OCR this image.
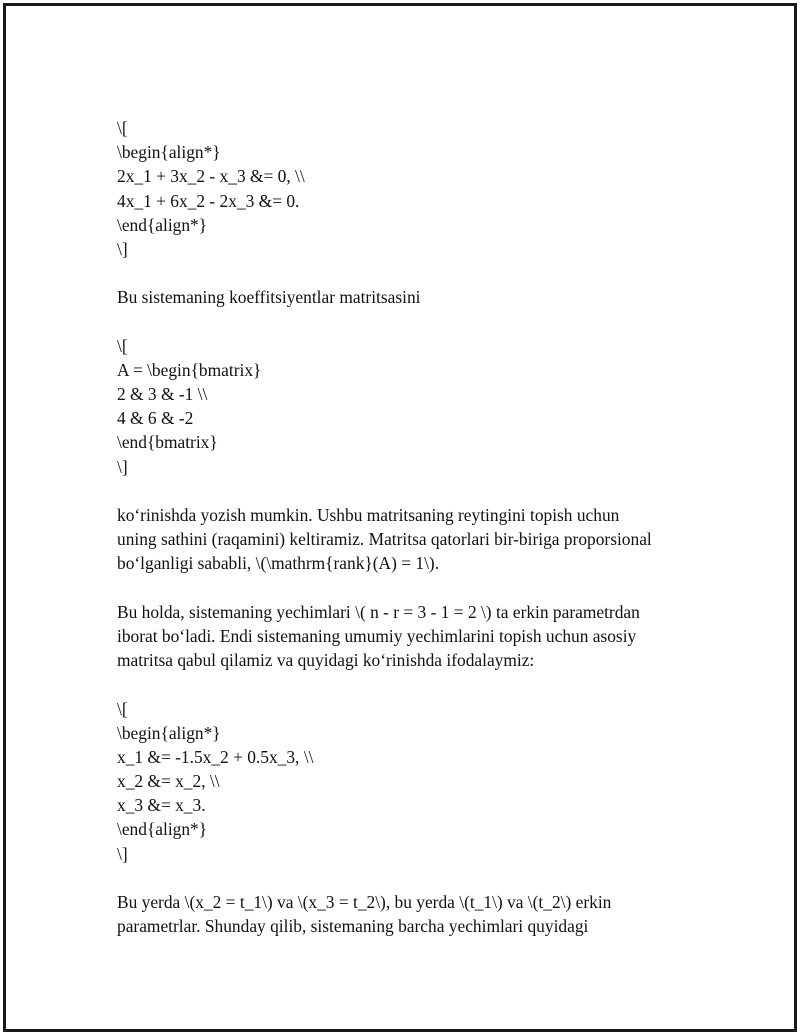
\[
\begin{align*}
2x_1 + 3x_2 - x_3 &= 0, \\
4x_1 + 6x_2 - 2x_3 &= 0.
\end{align*}
\]
Bu sistemaning koeffitsiyentlar matritsasini
\[
A = \begin{bmatrix}
2 & 3 & -1 \\
4 & 6 & -2
\end{bmatrix}
\]
ko‘rinishda yozish mumkin. Ushbu matritsaning reytingini topish uchun
uning sathini (raqamini) keltiramiz. Matritsa qatorlari bir-biriga proporsional
bo‘lganligi sababli, \(\mathrm{rank}(A) = 1\).
Bu holda, sistemaning yechimlari \( n - r = 3 - 1 = 2 \) ta erkin parametrdan
iborat bo‘ladi. Endi sistemaning umumiy yechimlarini topish uchun asosiy
matritsa qabul qilamiz va quyidagi ko‘rinishda ifodalaymiz:
\[
\begin{align*}
x_1 &= -1.5x_2 + 0.5x_3, \\
x_2 &= x_2, \\
x_3 &= x_3.
\end{align*}
\]
Bu yerda \(x_2 = t_1\) va \(x_3 = t_2\), bu yerda \(t_1\) va \(t_2\) erkin
parametrlar. Shunday qilib, sistemaning barcha yechimlari quyidagi
